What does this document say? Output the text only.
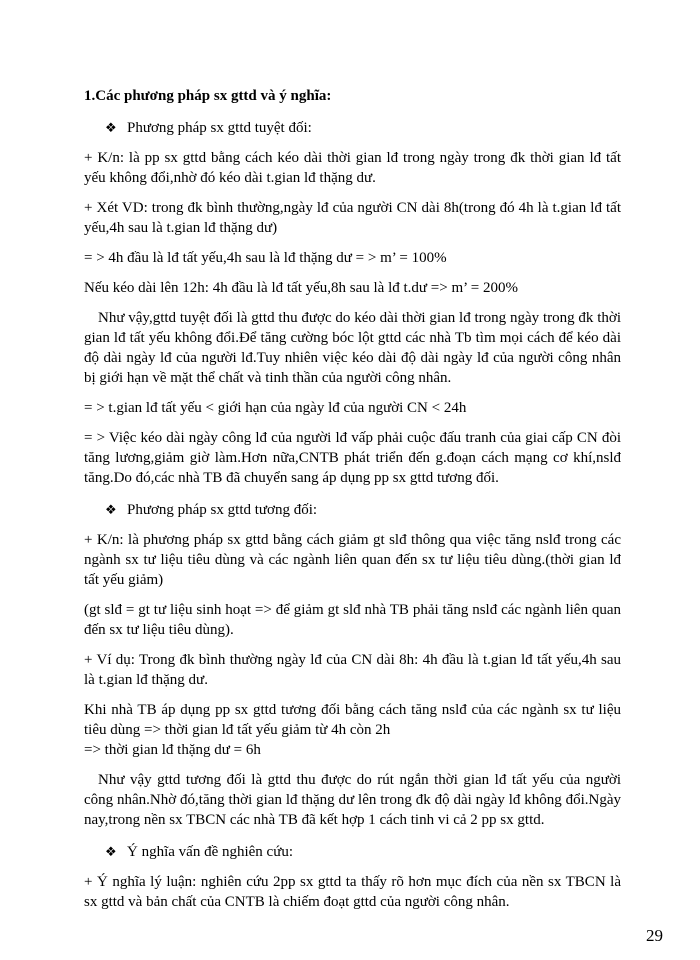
1.Các phương pháp sx gttd và ý nghĩa:

❖ Phương pháp sx gttd tuyệt đối:

+ K/n: là pp sx gttd bằng cách kéo dài thời gian lđ trong ngày trong đk thời gian lđ tất yếu không đổi,nhờ đó kéo dài t.gian lđ thặng dư.

+ Xét VD: trong đk bình thường,ngày lđ của người CN dài 8h(trong đó 4h là t.gian lđ tất yếu,4h sau là t.gian lđ thặng dư)

= > 4h đầu là lđ tất yếu,4h sau là lđ thặng dư = > m’ = 100%

Nếu kéo dài lên 12h: 4h đầu là lđ tất yếu,8h sau là lđ t.dư => m’ = 200%

Như vậy,gttd tuyệt đối là gttd thu được do kéo dài thời gian lđ trong ngày trong đk thời gian lđ tất yếu không đổi.Để tăng cường bóc lột gttd các nhà Tb tìm mọi cách để kéo dài độ dài ngày lđ của người lđ.Tuy nhiên việc kéo dài độ dài ngày lđ của người công nhân bị giới hạn về mặt thể chất và tinh thần của người công nhân.

= > t.gian lđ tất yếu < giới hạn của ngày lđ của người CN < 24h

= > Việc kéo dài ngày công lđ của người lđ vấp phải cuộc đấu tranh của giai cấp CN đòi tăng lương,giảm giờ làm.Hơn nữa,CNTB phát triển đến g.đoạn cách mạng cơ khí,nslđ tăng.Do đó,các nhà TB đã chuyển sang áp dụng pp sx gttd tương đối.

❖ Phương pháp sx gttd tương đối:

+ K/n: là phương pháp sx gttd bằng cách giảm gt slđ thông qua việc tăng nslđ trong các ngành sx tư liệu tiêu dùng và các ngành liên quan đến sx tư liệu tiêu dùng.(thời gian lđ tất yếu giảm)

(gt slđ = gt tư liệu sinh hoạt => để giảm gt slđ nhà TB phải tăng nslđ các ngành liên quan đến sx tư liệu tiêu dùng).

+ Ví dụ: Trong đk bình thường ngày lđ của CN dài 8h: 4h đầu là t.gian lđ tất yếu,4h sau là t.gian lđ thặng dư.

Khi nhà TB áp dụng pp sx gttd tương đối bằng cách tăng nslđ của các ngành sx tư liệu tiêu dùng => thời gian lđ tất yếu giảm từ 4h còn 2h

=> thời gian lđ thặng dư = 6h

Như vậy gttd tương đối là gttd thu được do rút ngắn thời gian lđ tất yếu của người công nhân.Nhờ đó,tăng thời gian lđ thặng dư lên trong đk độ dài ngày lđ không đổi.Ngày nay,trong nền sx TBCN các nhà TB đã kết hợp 1 cách tinh vi cả 2 pp sx gttd.

❖ Ý nghĩa vấn đề nghiên cứu:

+ Ý nghĩa lý luận: nghiên cứu 2pp sx gttd ta thấy rõ hơn mục đích của nền sx TBCN là sx gttd và bản chất của CNTB là chiếm đoạt gttd của người công nhân.

29
